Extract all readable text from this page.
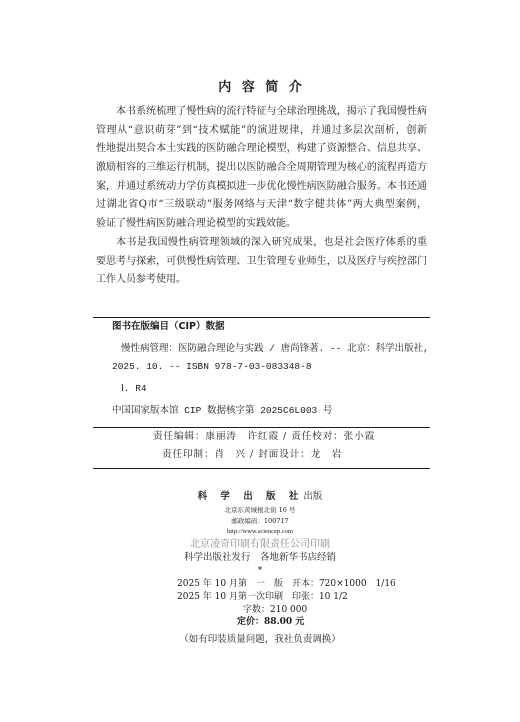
内 容 简 介
本书系统梳理了慢性病的流行特征与全球治理挑战，揭示了我国慢性病
管理从“意识萌芽”到“技术赋能”的演进规律，并通过多层次剖析，创新
性地提出契合本土实践的医防融合理论模型，构建了资源整合、信息共享、
激励相容的三维运行机制，提出以医防融合全周期管理为核心的流程再造方
案，并通过系统动力学仿真模拟进一步优化慢性病医防融合服务。本书还通
过湖北省Q市“三级联动”服务网络与天津“数字健共体”两大典型案例，
验证了慢性病医防融合理论模型的实践效能。
本书是我国慢性病管理领域的深入研究成果，也是社会医疗体系的重
要思考与探索，可供慢性病管理、卫生管理专业师生，以及医疗与疾控部门
工作人员参考使用。
图书在版编目（CIP）数据
慢性病管理：医防融合理论与实践 / 唐尚锋著. -- 北京：科学出版社,
2025. 10. -- ISBN 978-7-03-083348-8
Ⅰ. R4
中国国家版本馆 CIP 数据核字第 2025C6L003 号
责任编辑：康丽涛　许红霞 / 责任校对：张小霞
责任印制：肖　兴 / 封面设计：龙　岩
科 学 出 版 社出版
北京东黄城根北街 16 号
邮政编码：100717
http://www.sciencep.com
北京凌奇印刷有限责任公司印刷
科学出版社发行　各地新华书店经销
*
2025 年 10 月第　一　版　开本：720×1000　1/16
2025 年 10 月第一次印刷　印张：10 1/2
字数：210 000
定价：88.00 元
（如有印装质量问题，我社负责调换）
